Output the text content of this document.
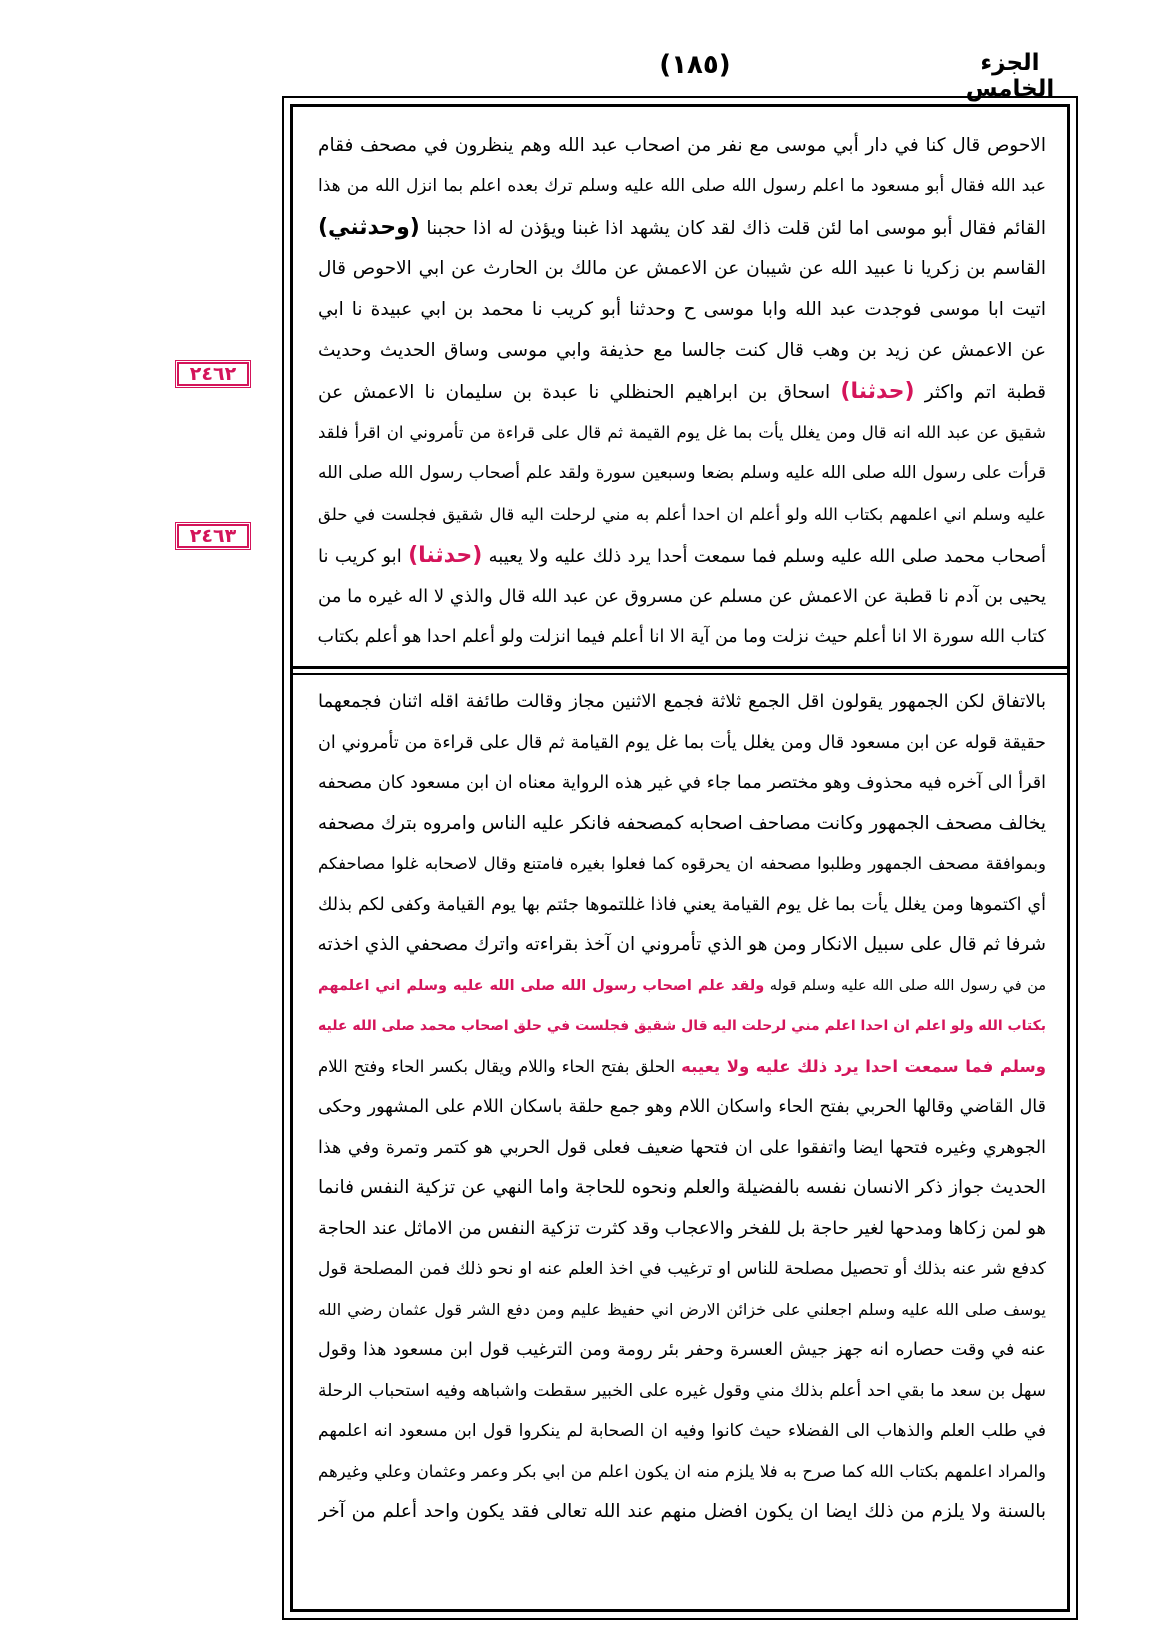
(١٨٥)	الجزء الخامس
٢٤٦٢
٢٤٦٣
الاحوص قال كنا في دار أبي موسى مع نفر من اصحاب عبد الله وهم ينظرون في مصحف فقام
عبد الله فقال أبو مسعود ما اعلم رسول الله صلى الله عليه وسلم ترك بعده اعلم بما انزل الله من هذا
القائم فقال أبو موسى اما لئن قلت ذاك لقد كان يشهد اذا غبنا ويؤذن له اذا حجبنا (وحدثني)
القاسم بن زكريا نا عبيد الله عن شيبان عن الاعمش عن مالك بن الحارث عن ابي الاحوص قال
اتيت ابا موسى فوجدت عبد الله وابا موسى ح وحدثنا أبو كريب نا محمد بن ابي عبيدة نا ابي
عن الاعمش عن زيد بن وهب قال كنت جالسا مع حذيفة وابي موسى وساق الحديث وحديث
قطبة اتم واكثر (حدثنا) اسحاق بن ابراهيم الحنظلي نا عبدة بن سليمان نا الاعمش عن
شقيق عن عبد الله انه قال ومن يغلل يأت بما غل يوم القيمة ثم قال على قراءة من تأمروني ان اقرأ فلقد
قرأت على رسول الله صلى الله عليه وسلم بضعا وسبعين سورة ولقد علم أصحاب رسول الله صلى الله
عليه وسلم اني اعلمهم بكتاب الله ولو أعلم ان احدا أعلم به مني لرحلت اليه قال شقيق فجلست في حلق
أصحاب محمد صلى الله عليه وسلم فما سمعت أحدا يرد ذلك عليه ولا يعيبه (حدثنا) ابو كريب نا
يحيى بن آدم نا قطبة عن الاعمش عن مسلم عن مسروق عن عبد الله قال والذي لا اله غيره ما من
كتاب الله سورة الا انا أعلم حيث نزلت وما من آية الا انا أعلم فيما انزلت ولو أعلم احدا هو أعلم بكتاب
بالاتفاق لكن الجمهور يقولون اقل الجمع ثلاثة فجمع الاثنين مجاز وقالت طائفة اقله اثنان فجمعهما
حقيقة قوله عن ابن مسعود قال ومن يغلل يأت بما غل يوم القيامة ثم قال على قراءة من تأمروني ان
اقرأ الى آخره فيه محذوف وهو مختصر مما جاء في غير هذه الرواية معناه ان ابن مسعود كان مصحفه
يخالف مصحف الجمهور وكانت مصاحف اصحابه كمصحفه فانكر عليه الناس وامروه بترك مصحفه
وبموافقة مصحف الجمهور وطلبوا مصحفه ان يحرقوه كما فعلوا بغيره فامتنع وقال لاصحابه غلوا مصاحفكم
أي اكتموها ومن يغلل يأت بما غل يوم القيامة يعني فاذا غللتموها جئتم بها يوم القيامة وكفى لكم بذلك
شرفا ثم قال على سبيل الانكار ومن هو الذي تأمروني ان آخذ بقراءته واترك مصحفي الذي اخذته
من في رسول الله صلى الله عليه وسلم قوله ولقد علم اصحاب رسول الله صلى الله عليه وسلم اني اعلمهم
بكتاب الله ولو اعلم ان احدا اعلم مني لرحلت اليه قال شقيق فجلست في حلق اصحاب محمد صلى الله عليه
وسلم فما سمعت احدا يرد ذلك عليه ولا يعيبه الحلق بفتح الحاء واللام ويقال بكسر الحاء وفتح اللام
قال القاضي وقالها الحربي بفتح الحاء واسكان اللام وهو جمع حلقة باسكان اللام على المشهور وحكى
الجوهري وغيره فتحها ايضا واتفقوا على ان فتحها ضعيف فعلى قول الحربي هو كتمر وتمرة وفي هذا
الحديث جواز ذكر الانسان نفسه بالفضيلة والعلم ونحوه للحاجة واما النهي عن تزكية النفس فانما
هو لمن زكاها ومدحها لغير حاجة بل للفخر والاعجاب وقد كثرت تزكية النفس من الاماثل عند الحاجة
كدفع شر عنه بذلك أو تحصيل مصلحة للناس او ترغيب في اخذ العلم عنه او نحو ذلك فمن المصلحة قول
يوسف صلى الله عليه وسلم اجعلني على خزائن الارض اني حفيظ عليم ومن دفع الشر قول عثمان رضي الله
عنه في وقت حصاره انه جهز جيش العسرة وحفر بئر رومة ومن الترغيب قول ابن مسعود هذا وقول
سهل بن سعد ما بقي احد أعلم بذلك مني وقول غيره على الخبير سقطت واشباهه وفيه استحباب الرحلة
في طلب العلم والذهاب الى الفضلاء حيث كانوا وفيه ان الصحابة لم ينكروا قول ابن مسعود انه اعلمهم
والمراد اعلمهم بكتاب الله كما صرح به فلا يلزم منه ان يكون اعلم من ابي بكر وعمر وعثمان وعلي وغيرهم
بالسنة ولا يلزم من ذلك ايضا ان يكون افضل منهم عند الله تعالى فقد يكون واحد أعلم من آخر
